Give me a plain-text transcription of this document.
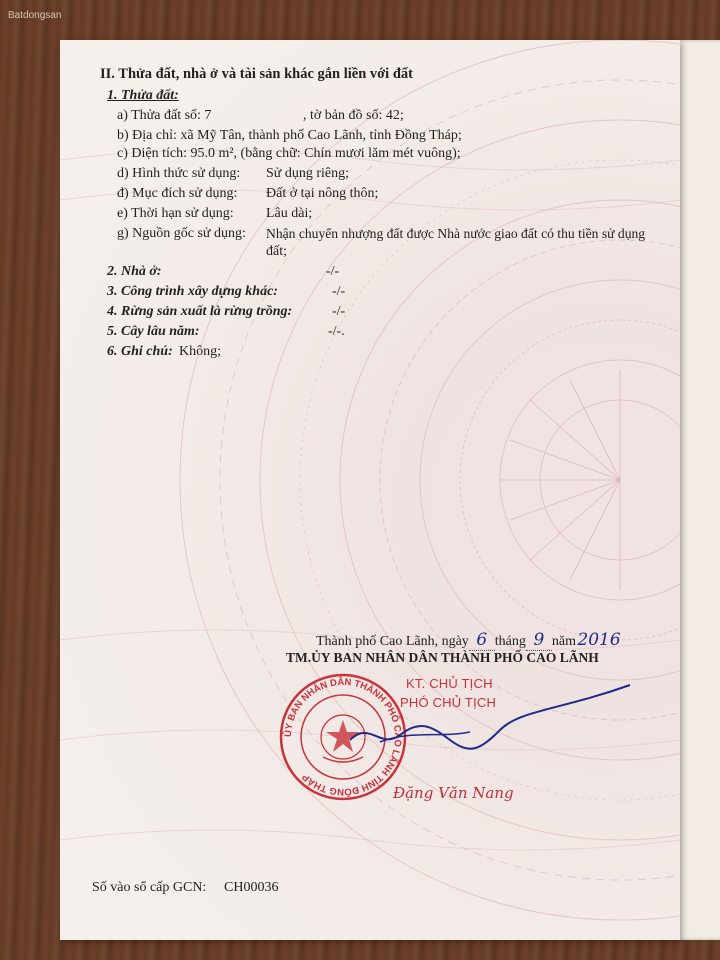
Batdongsan
II. Thửa đất, nhà ở và tài sản khác gắn liền với đất
1. Thửa đất:
a) Thửa đất số: 7	, tờ bản đồ số: 42;
b) Địa chỉ: xã Mỹ Tân, thành phố Cao Lãnh, tỉnh Đồng Tháp;
c) Diện tích: 95.0 m², (bằng chữ: Chín mươi lăm mét vuông);
d) Hình thức sử dụng: Sử dụng riêng;
đ) Mục đích sử dụng: Đất ở tại nông thôn;
e) Thời hạn sử dụng: Lâu dài;
g) Nguồn gốc sử dụng: Nhận chuyển nhượng đất được Nhà nước giao đất có thu tiền sử dụng
đất;
2. Nhà ở:	-/-
3. Công trình xây dựng khác:	-/-
4. Rừng sản xuất là rừng trồng:	-/-
5. Cây lâu năm:	-/-.
6. Ghi chú: Không;
Thành phố Cao Lãnh, ngày 6 tháng 9 năm2016
TM.ỦY BAN NHÂN DÂN THÀNH PHỐ CAO LÃNH
KT. CHỦ TỊCH
PHÓ CHỦ TỊCH
ỦY BAN NHÂN DÂN THÀNH PHỐ CAO LÃNH TỈNH ĐỒNG THÁP
Đặng Văn Nang
Số vào sổ cấp GCN: CH00036
